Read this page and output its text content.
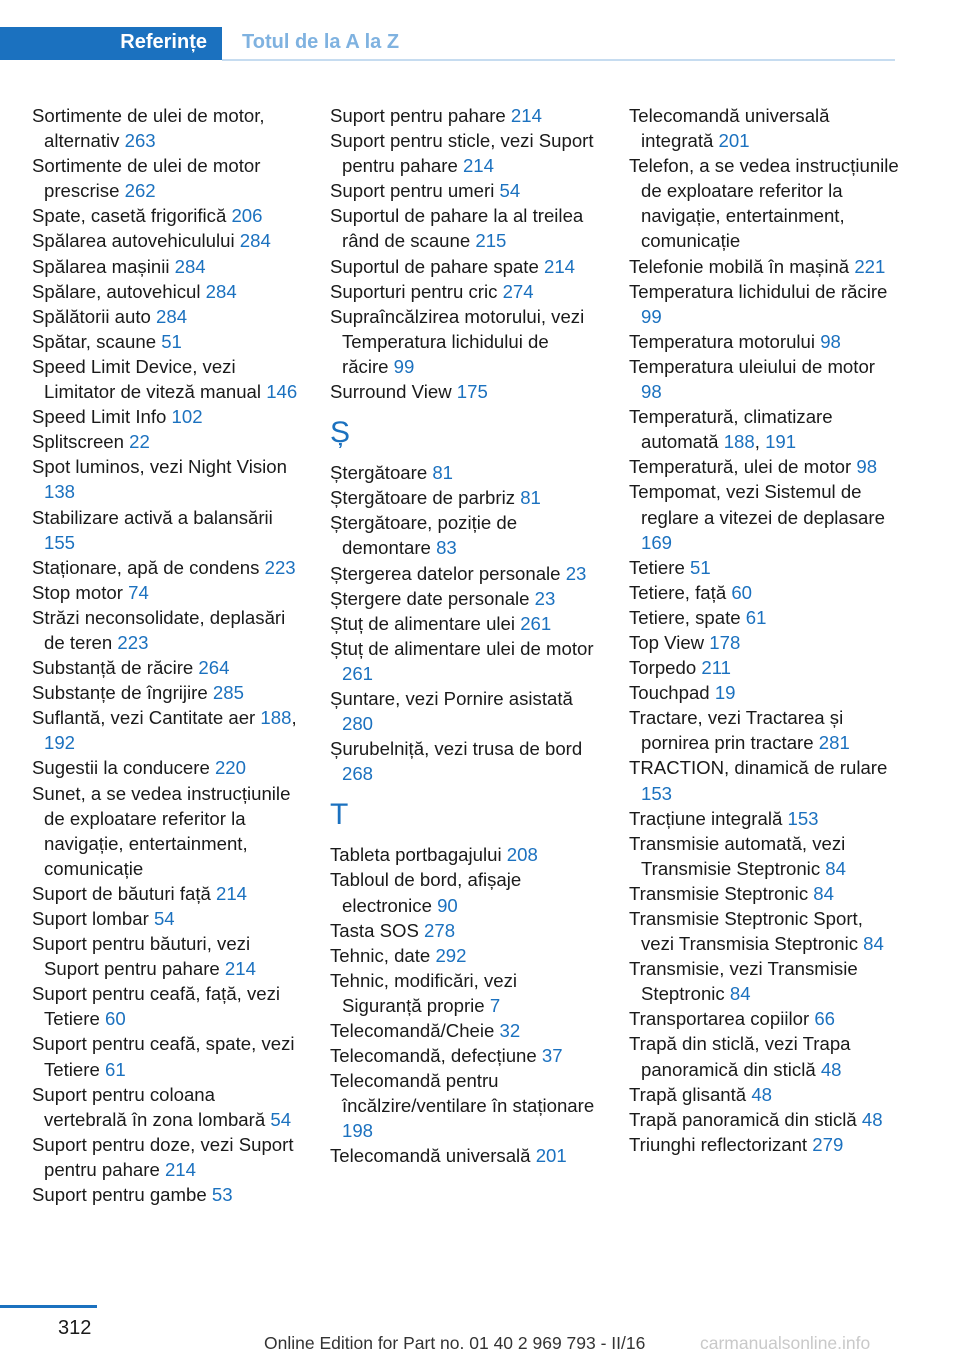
Referințe Totul de la A la Z
Sortimente de ulei de motor, alternativ 263
Sortimente de ulei de motor prescrise 262
Spate, casetă frigorifică 206
Spălarea autovehiculului 284
Spălarea mașinii 284
Spălare, autovehicul 284
Spălătorii auto 284
Spătar, scaune 51
Speed Limit Device, vezi Limitator de viteză manual 146
Speed Limit Info 102
Splitscreen 22
Spot luminos, vezi Night Vision 138
Stabilizare activă a balansării 155
Staționare, apă de condens 223
Stop motor 74
Străzi neconsolidate, deplasări de teren 223
Substanță de răcire 264
Substanțe de îngrijire 285
Suflantă, vezi Cantitate aer 188, 192
Sugestii la conducere 220
Sunet, a se vedea instrucțiunile de exploatare referitor la navigație, entertainment, comunicație
Suport de băuturi față 214
Suport lombar 54
Suport pentru băuturi, vezi Suport pentru pahare 214
Suport pentru ceafă, față, vezi Tetiere 60
Suport pentru ceafă, spate, vezi Tetiere 61
Suport pentru coloana vertebrală în zona lombară 54
Suport pentru doze, vezi Suport pentru pahare 214
Suport pentru gambe 53
Suport pentru pahare 214
Suport pentru sticle, vezi Suport pentru pahare 214
Suport pentru umeri 54
Suportul de pahare la al treilea rând de scaune 215
Suportul de pahare spate 214
Suporturi pentru cric 274
Supraîncălzirea motorului, vezi Temperatura lichidului de răcire 99
Surround View 175
Ș
Ștergătoare 81
Ștergătoare de parbriz 81
Ștergătoare, poziție de demontare 83
Ștergerea datelor personale 23
Ștergere date personale 23
Ștuț de alimentare ulei 261
Ștuț de alimentare ulei de motor 261
Șuntare, vezi Pornire asistată 280
Șurubelniță, vezi trusa de bord 268
T
Tableta portbagajului 208
Tabloul de bord, afișaje electronice 90
Tasta SOS 278
Tehnic, date 292
Tehnic, modificări, vezi Siguranță proprie 7
Telecomandă/Cheie 32
Telecomandă, defecțiune 37
Telecomandă pentru încălzire/ventilare în staționare 198
Telecomandă universală 201
Telecomandă universală integrată 201
Telefon, a se vedea instrucțiunile de exploatare referitor la navigație, entertainment, comunicație
Telefonie mobilă în mașină 221
Temperatura lichidului de răcire 99
Temperatura motorului 98
Temperatura uleiului de motor 98
Temperatură, climatizare automată 188, 191
Temperatură, ulei de motor 98
Tempomat, vezi Sistemul de reglare a vitezei de deplasare 169
Tetiere 51
Tetiere, față 60
Tetiere, spate 61
Top View 178
Torpedo 211
Touchpad 19
Tractare, vezi Tractarea și pornirea prin tractare 281
TRACTION, dinamică de rulare 153
Tracțiune integrală 153
Transmisie automată, vezi Transmisie Steptronic 84
Transmisie Steptronic 84
Transmisie Steptronic Sport, vezi Transmisia Steptronic 84
Transmisie, vezi Transmisie Steptronic 84
Transportarea copiilor 66
Trapă din sticlă, vezi Trapa panoramică din sticlă 48
Trapă glisantă 48
Trapă panoramică din sticlă 48
Triunghi reflectorizant 279
312
Online Edition for Part no. 01 40 2 969 793 - II/16	carmanualsonline.info
